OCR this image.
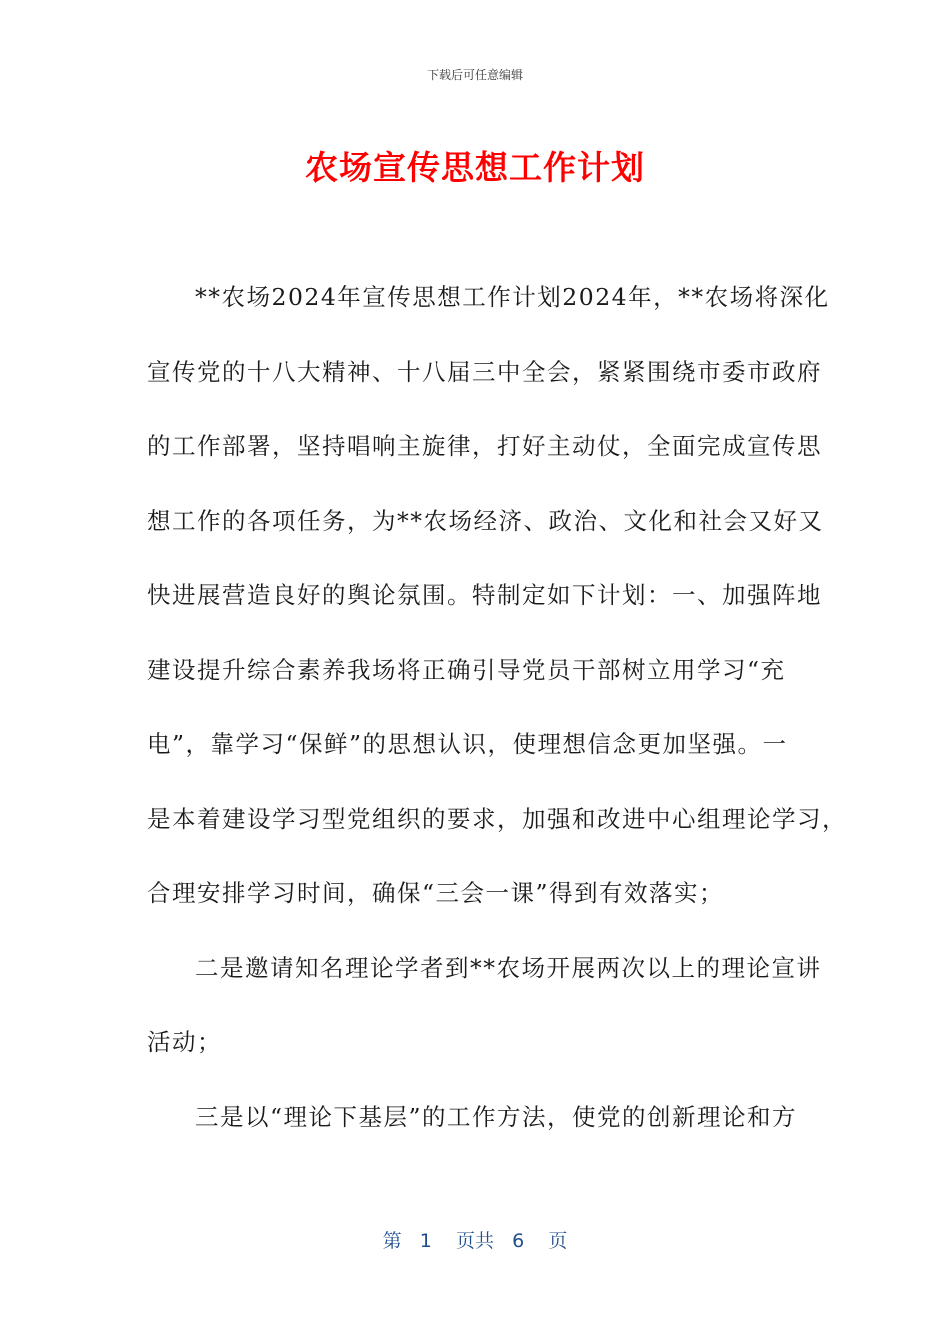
下载后可任意编辑
农场宣传思想工作计划
**农场2024年宣传思想工作计划2024年，**农场将深化
宣传党的十八大精神、十八届三中全会，紧紧围绕市委市政府
的工作部署，坚持唱响主旋律，打好主动仗，全面完成宣传思
想工作的各项任务，为**农场经济、政治、文化和社会又好又
快进展营造良好的舆论氛围。特制定如下计划：一、加强阵地
建设提升综合素养我场将正确引导党员干部树立用学习“充
电”，靠学习“保鲜”的思想认识，使理想信念更加坚强。一
是本着建设学习型党组织的要求，加强和改进中心组理论学习，
合理安排学习时间，确保“三会一课”得到有效落实；
二是邀请知名理论学者到**农场开展两次以上的理论宣讲
活动；
三是以“理论下基层”的工作方法，使党的创新理论和方
第 1 页共 6 页
